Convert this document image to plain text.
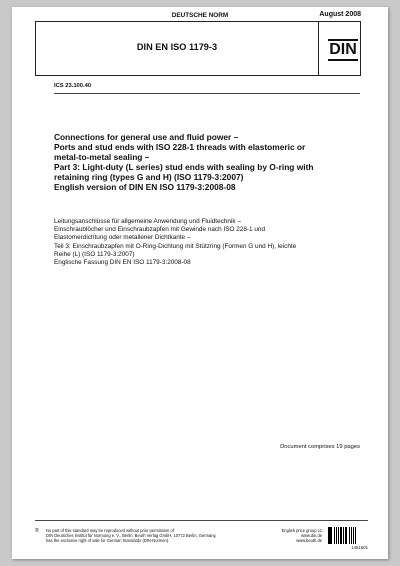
DEUTSCHE NORM	August 2008
DIN EN ISO 1179-3	DIN
ICS 23.100.40
Connections for general use and fluid power –
Ports and stud ends with ISO 228-1 threads with elastomeric or
metal-to-metal sealing –
Part 3: Light-duty (L series) stud ends with sealing by O-ring with
retaining ring (types G and H) (ISO 1179-3:2007)
English version of DIN EN ISO 1179-3:2008-08
Leitungsanschlüsse für allgemeine Anwendung und Fluidtechnik –
Einschraublöcher und Einschraubzapfen mit Gewinde nach ISO 228-1 und
Elastomerdichtung oder metallener Dichtkante –
Teil 3: Einschraubzapfen mit O-Ring-Dichtung mit Stützring (Formen G und H), leichte
Reihe (L) (ISO 1179-3:2007)
Englische Fassung DIN EN ISO 1179-3:2008-08
Document comprises 19 pages
® No part of this standard may be reproduced without prior permission of
DIN Deutsches Institut für Normung e. V., Berlin. Beuth Verlag GmbH, 10772 Berlin, Germany,
has the exclusive right of sale for German Standards (DIN-Normen).
English price group 11
www.din.de
www.beuth.de
1451601
